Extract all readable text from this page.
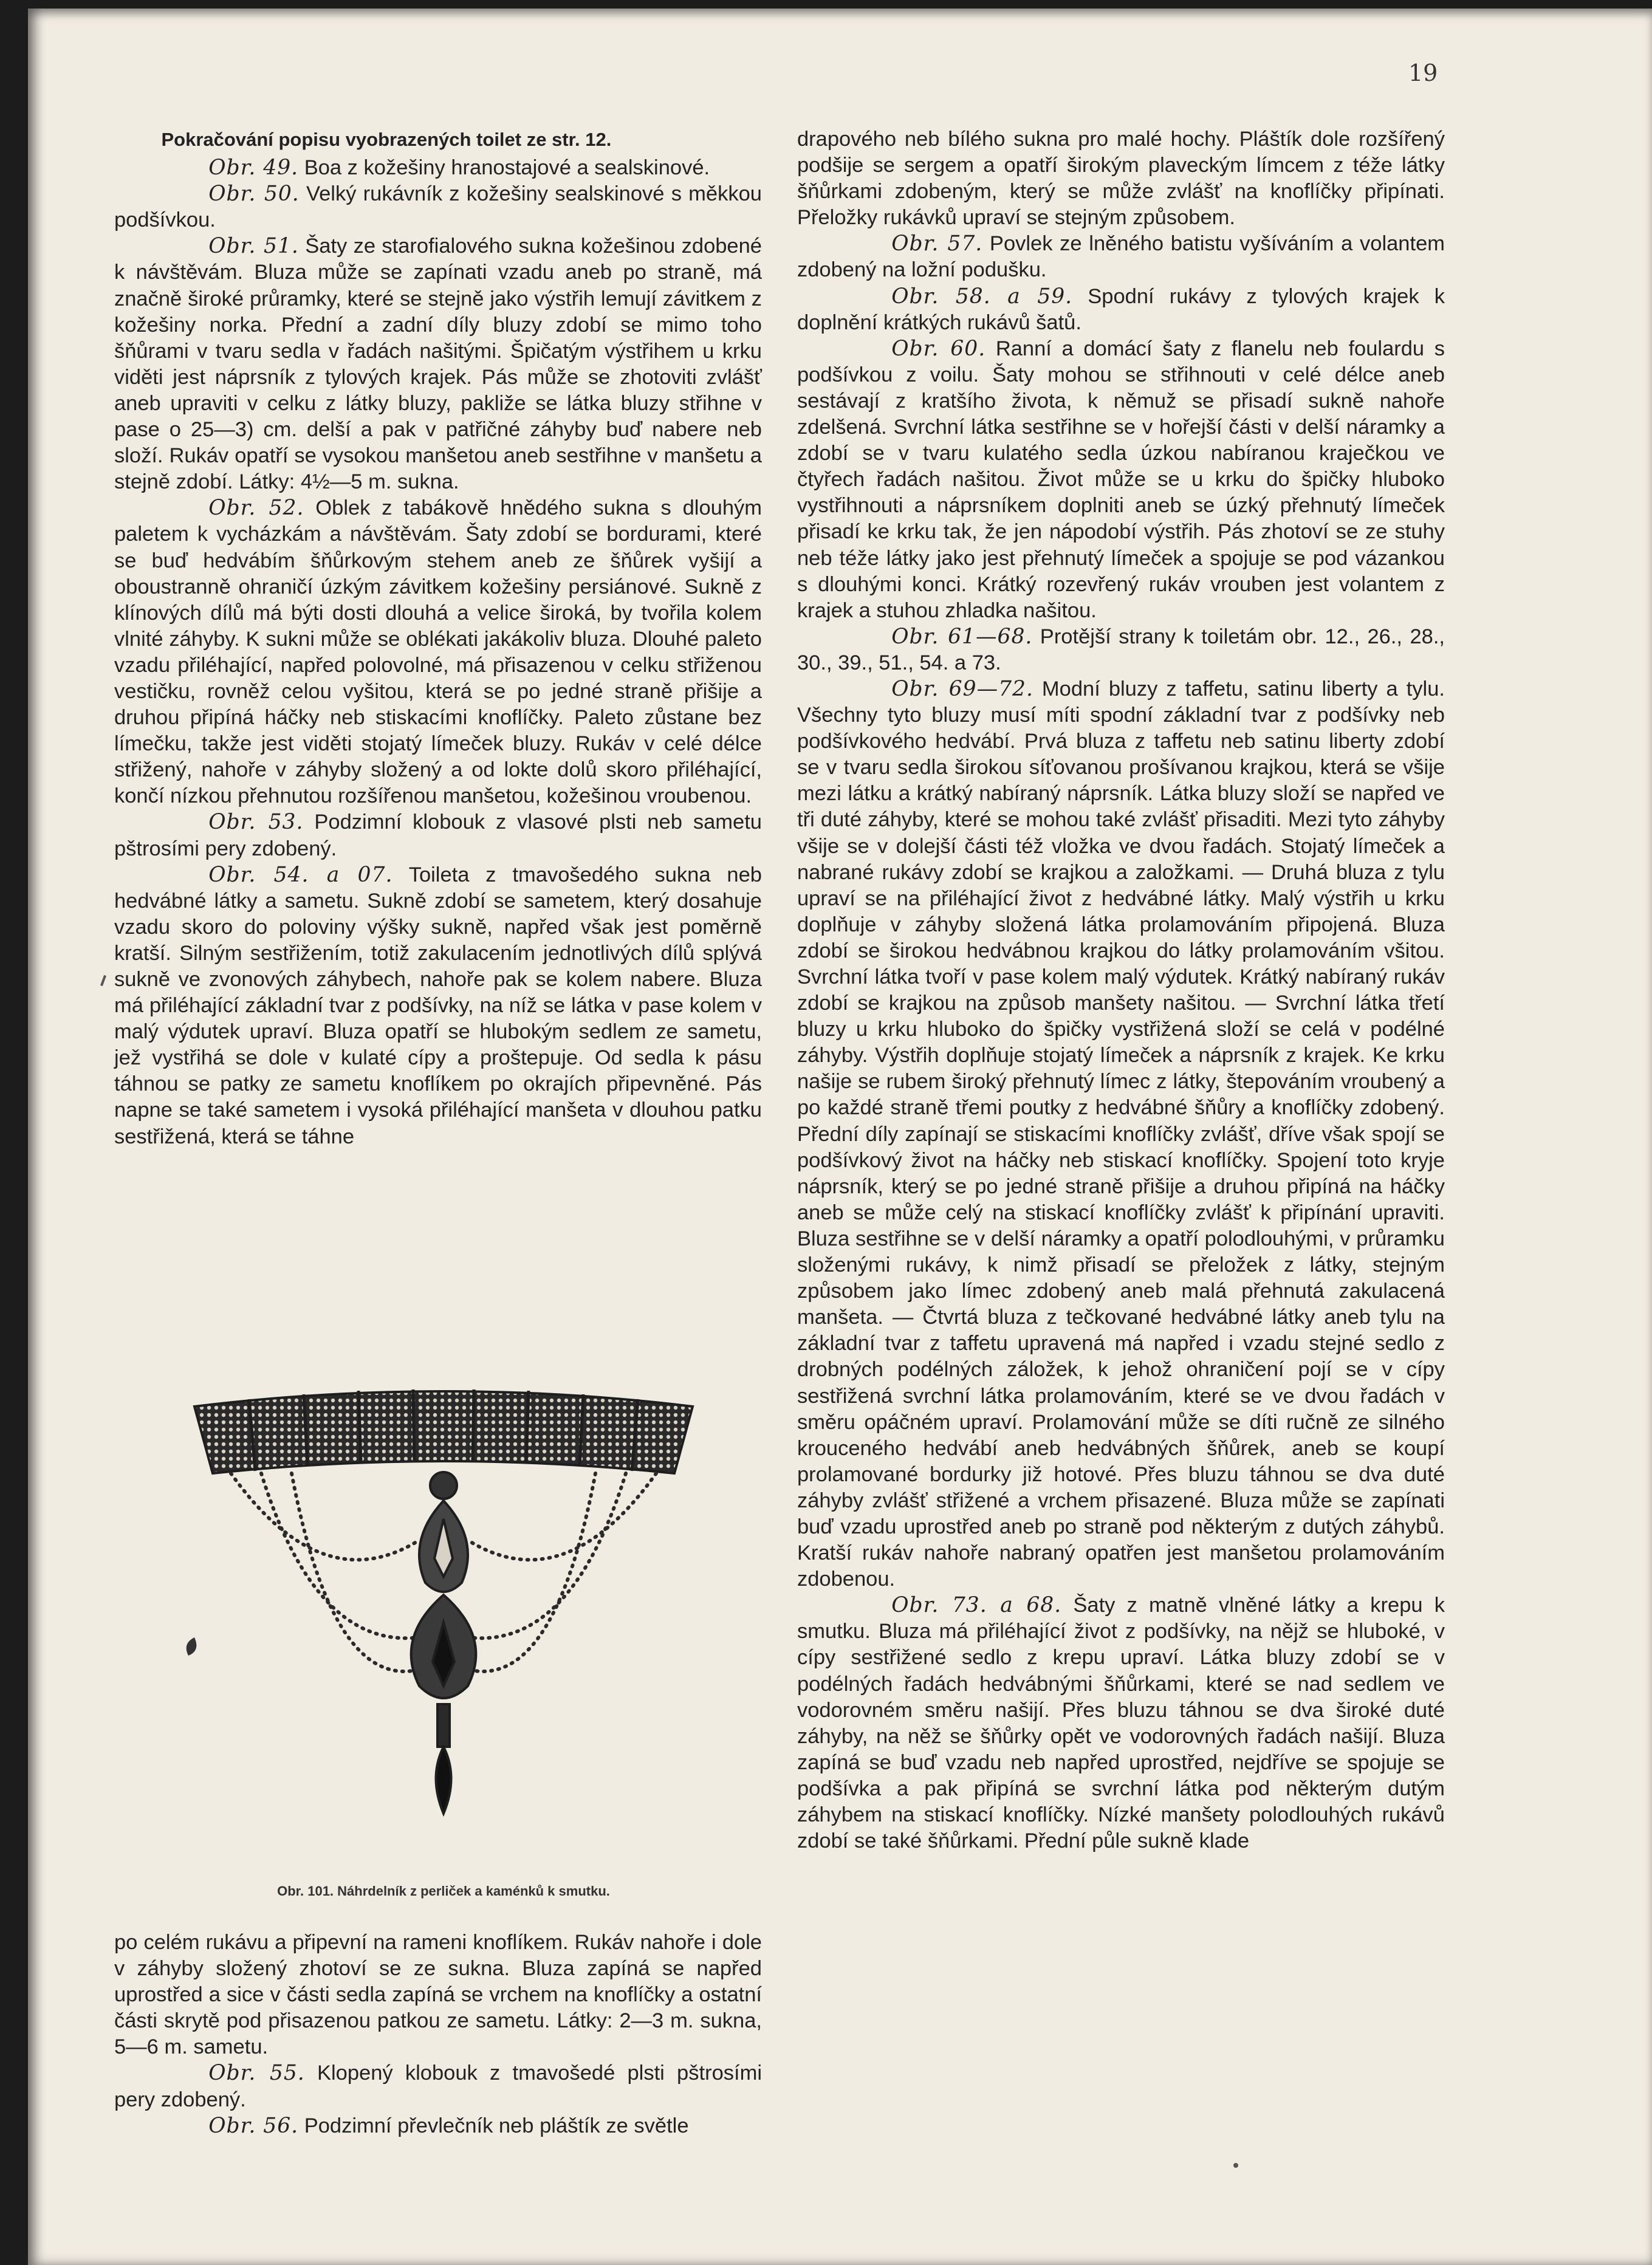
19

Pokračování popisu vyobrazených toilet ze str. 12.

Obr. 49. Boa z kožešiny hranostajové a sealskinové.

Obr. 50. Velký rukávník z kožešiny sealskinové s měkkou podšívkou.

Obr. 51. Šaty ze starofialového sukna kožešinou zdobené k návštěvám. Bluza může se zapínati vzadu aneb po straně, má značně široké průramky, které se stejně jako výstřih lemují závitkem z kožešiny norka. Přední a zadní díly bluzy zdobí se mimo toho šňůrami v tvaru sedla v řadách našitými. Špičatým výstřihem u krku viděti jest náprsník z tylových krajek. Pás může se zhotoviti zvlášť aneb upraviti v celku z látky bluzy, pakliže se látka bluzy střihne v pase o 25—3) cm. delší a pak v patřičné záhyby buď nabere neb složí. Rukáv opatří se vysokou manšetou aneb sestřihne v manšetu a stejně zdobí. Látky: 4½—5 m. sukna.

Obr. 52. Oblek z tabákově hnědého sukna s dlouhým paletem k vycházkám a návštěvám. Šaty zdobí se bordurami, které se buď hedvábím šňůrkovým stehem aneb ze šňůrek vyšijí a oboustranně ohraničí úzkým závitkem kožešiny persiánové. Sukně z klínových dílů má býti dosti dlouhá a velice široká, by tvořila kolem vlnité záhyby. K sukni může se oblékati jakákoliv bluza. Dlouhé paleto vzadu přiléhající, napřed polovolné, má přisazenou v celku střiženou vestičku, rovněž celou vyšitou, která se po jedné straně přišije a druhou připíná háčky neb stiskacími knoflíčky. Paleto zůstane bez límečku, takže jest viděti stojatý límeček bluzy. Rukáv v celé délce střižený, nahoře v záhyby složený a od lokte dolů skoro přiléhající, končí nízkou přehnutou rozšířenou manšetou, kožešinou vroubenou.

Obr. 53. Podzimní klobouk z vlasové plsti neb sametu pštrosími pery zdobený.

Obr. 54. a 07. Toileta z tmavošedého sukna neb hedvábné látky a sametu. Sukně zdobí se sametem, který dosahuje vzadu skoro do poloviny výšky sukně, napřed však jest poměrně kratší. Silným sestřižením, totiž zakulacením jednotlivých dílů splývá sukně ve zvonových záhybech, nahoře pak se kolem nabere. Bluza má přiléhající základní tvar z podšívky, na níž se látka v pase kolem v malý výdutek upraví. Bluza opatří se hlubokým sedlem ze sametu, jež vystřihá se dole v kulaté cípy a proštepuje. Od sedla k pásu táhnou se patky ze sametu knoflíkem po okrajích připevněné. Pás napne se také sametem i vysoká přiléhající manšeta v dlouhou patku sestřižená, která se táhne

Obr. 101. Náhrdelník z perliček a kaménků k smutku.

po celém rukávu a připevní na rameni knoflíkem. Rukáv nahoře i dole v záhyby složený zhotoví se ze sukna. Bluza zapíná se napřed uprostřed a sice v části sedla zapíná se vrchem na knoflíčky a ostatní části skrytě pod přisazenou patkou ze sametu. Látky: 2—3 m. sukna, 5—6 m. sametu.

Obr. 55. Klopený klobouk z tmavošedé plsti pštrosími pery zdobený.

Obr. 56. Podzimní převlečník neb pláštík ze světle

drapového neb bílého sukna pro malé hochy. Pláštík dole rozšířený podšije se sergem a opatří širokým plaveckým límcem z téže látky šňůrkami zdobeným, který se může zvlášť na knoflíčky připínati. Přeložky rukávků upraví se stejným způsobem.

Obr. 57. Povlek ze lněného batistu vyšíváním a volantem zdobený na ložní podušku.

Obr. 58. a 59. Spodní rukávy z tylových krajek k doplnění krátkých rukávů šatů.

Obr. 60. Ranní a domácí šaty z flanelu neb foulardu s podšívkou z voilu. Šaty mohou se střihnouti v celé délce aneb sestávají z kratšího života, k němuž se přisadí sukně nahoře zdelšená. Svrchní látka sestřihne se v hořejší části v delší náramky a zdobí se v tvaru kulatého sedla úzkou nabíranou kraječkou ve čtyřech řadách našitou. Život může se u krku do špičky hluboko vystřihnouti a náprsníkem doplniti aneb se úzký přehnutý límeček přisadí ke krku tak, že jen nápodobí výstřih. Pás zhotoví se ze stuhy neb téže látky jako jest přehnutý límeček a spojuje se pod vázankou s dlouhými konci. Krátký rozevřený rukáv vrouben jest volantem z krajek a stuhou zhladka našitou.

Obr. 61—68. Protější strany k toiletám obr. 12., 26., 28., 30., 39., 51., 54. a 73.

Obr. 69—72. Modní bluzy z taffetu, satinu liberty a tylu. Všechny tyto bluzy musí míti spodní základní tvar z podšívky neb podšívkového hedvábí. Prvá bluza z taffetu neb satinu liberty zdobí se v tvaru sedla širokou síťovanou prošívanou krajkou, která se všije mezi látku a krátký nabíraný náprsník. Látka bluzy složí se napřed ve tři duté záhyby, které se mohou také zvlášť přisaditi. Mezi tyto záhyby všije se v dolejší části též vložka ve dvou řadách. Stojatý límeček a nabrané rukávy zdobí se krajkou a založkami. — Druhá bluza z tylu upraví se na přiléhající život z hedvábné látky. Malý výstřih u krku doplňuje v záhyby složená látka prolamováním připojená. Bluza zdobí se širokou hedvábnou krajkou do látky prolamováním všitou. Svrchní látka tvoří v pase kolem malý výdutek. Krátký nabíraný rukáv zdobí se krajkou na způsob manšety našitou. — Svrchní látka třetí bluzy u krku hluboko do špičky vystřižená složí se celá v podélné záhyby. Výstřih doplňuje stojatý límeček a náprsník z krajek. Ke krku našije se rubem široký přehnutý límec z látky, štepováním vroubený a po každé straně třemi poutky z hedvábné šňůry a knoflíčky zdobený. Přední díly zapínají se stiskacími knoflíčky zvlášť, dříve však spojí se podšívkový život na háčky neb stiskací knoflíčky. Spojení toto kryje náprsník, který se po jedné straně přišije a druhou připíná na háčky aneb se může celý na stiskací knoflíčky zvlášť k připínání upraviti. Bluza sestřihne se v delší náramky a opatří polodlouhými, v průramku složenými rukávy, k nimž přisadí se přeložek z látky, stejným způsobem jako límec zdobený aneb malá přehnutá zakulacená manšeta. — Čtvrtá bluza z tečkované hedvábné látky aneb tylu na základní tvar z taffetu upravená má napřed i vzadu stejné sedlo z drobných podélných záložek, k jehož ohraničení pojí se v cípy sestřižená svrchní látka prolamováním, které se ve dvou řadách v směru opáčném upraví. Prolamování může se díti ručně ze silného krouceného hedvábí aneb hedvábných šňůrek, aneb se koupí prolamované bordurky již hotové. Přes bluzu táhnou se dva duté záhyby zvlášť střižené a vrchem přisazené. Bluza může se zapínati buď vzadu uprostřed aneb po straně pod některým z dutých záhybů. Kratší rukáv nahoře nabraný opatřen jest manšetou prolamováním zdobenou.

Obr. 73. a 68. Šaty z matně vlněné látky a krepu k smutku. Bluza má přiléhající život z podšívky, na nějž se hluboké, v cípy sestřižené sedlo z krepu upraví. Látka bluzy zdobí se v podélných řadách hedvábnými šňůrkami, které se nad sedlem ve vodorovném směru našijí. Přes bluzu táhnou se dva široké duté záhyby, na něž se šňůrky opět ve vodorovných řadách našijí. Bluza zapíná se buď vzadu neb napřed uprostřed, nejdříve se spojuje se podšívka a pak připíná se svrchní látka pod některým dutým záhybem na stiskací knoflíčky. Nízké manšety polodlouhých rukávů zdobí se také šňůrkami. Přední půle sukně klade
